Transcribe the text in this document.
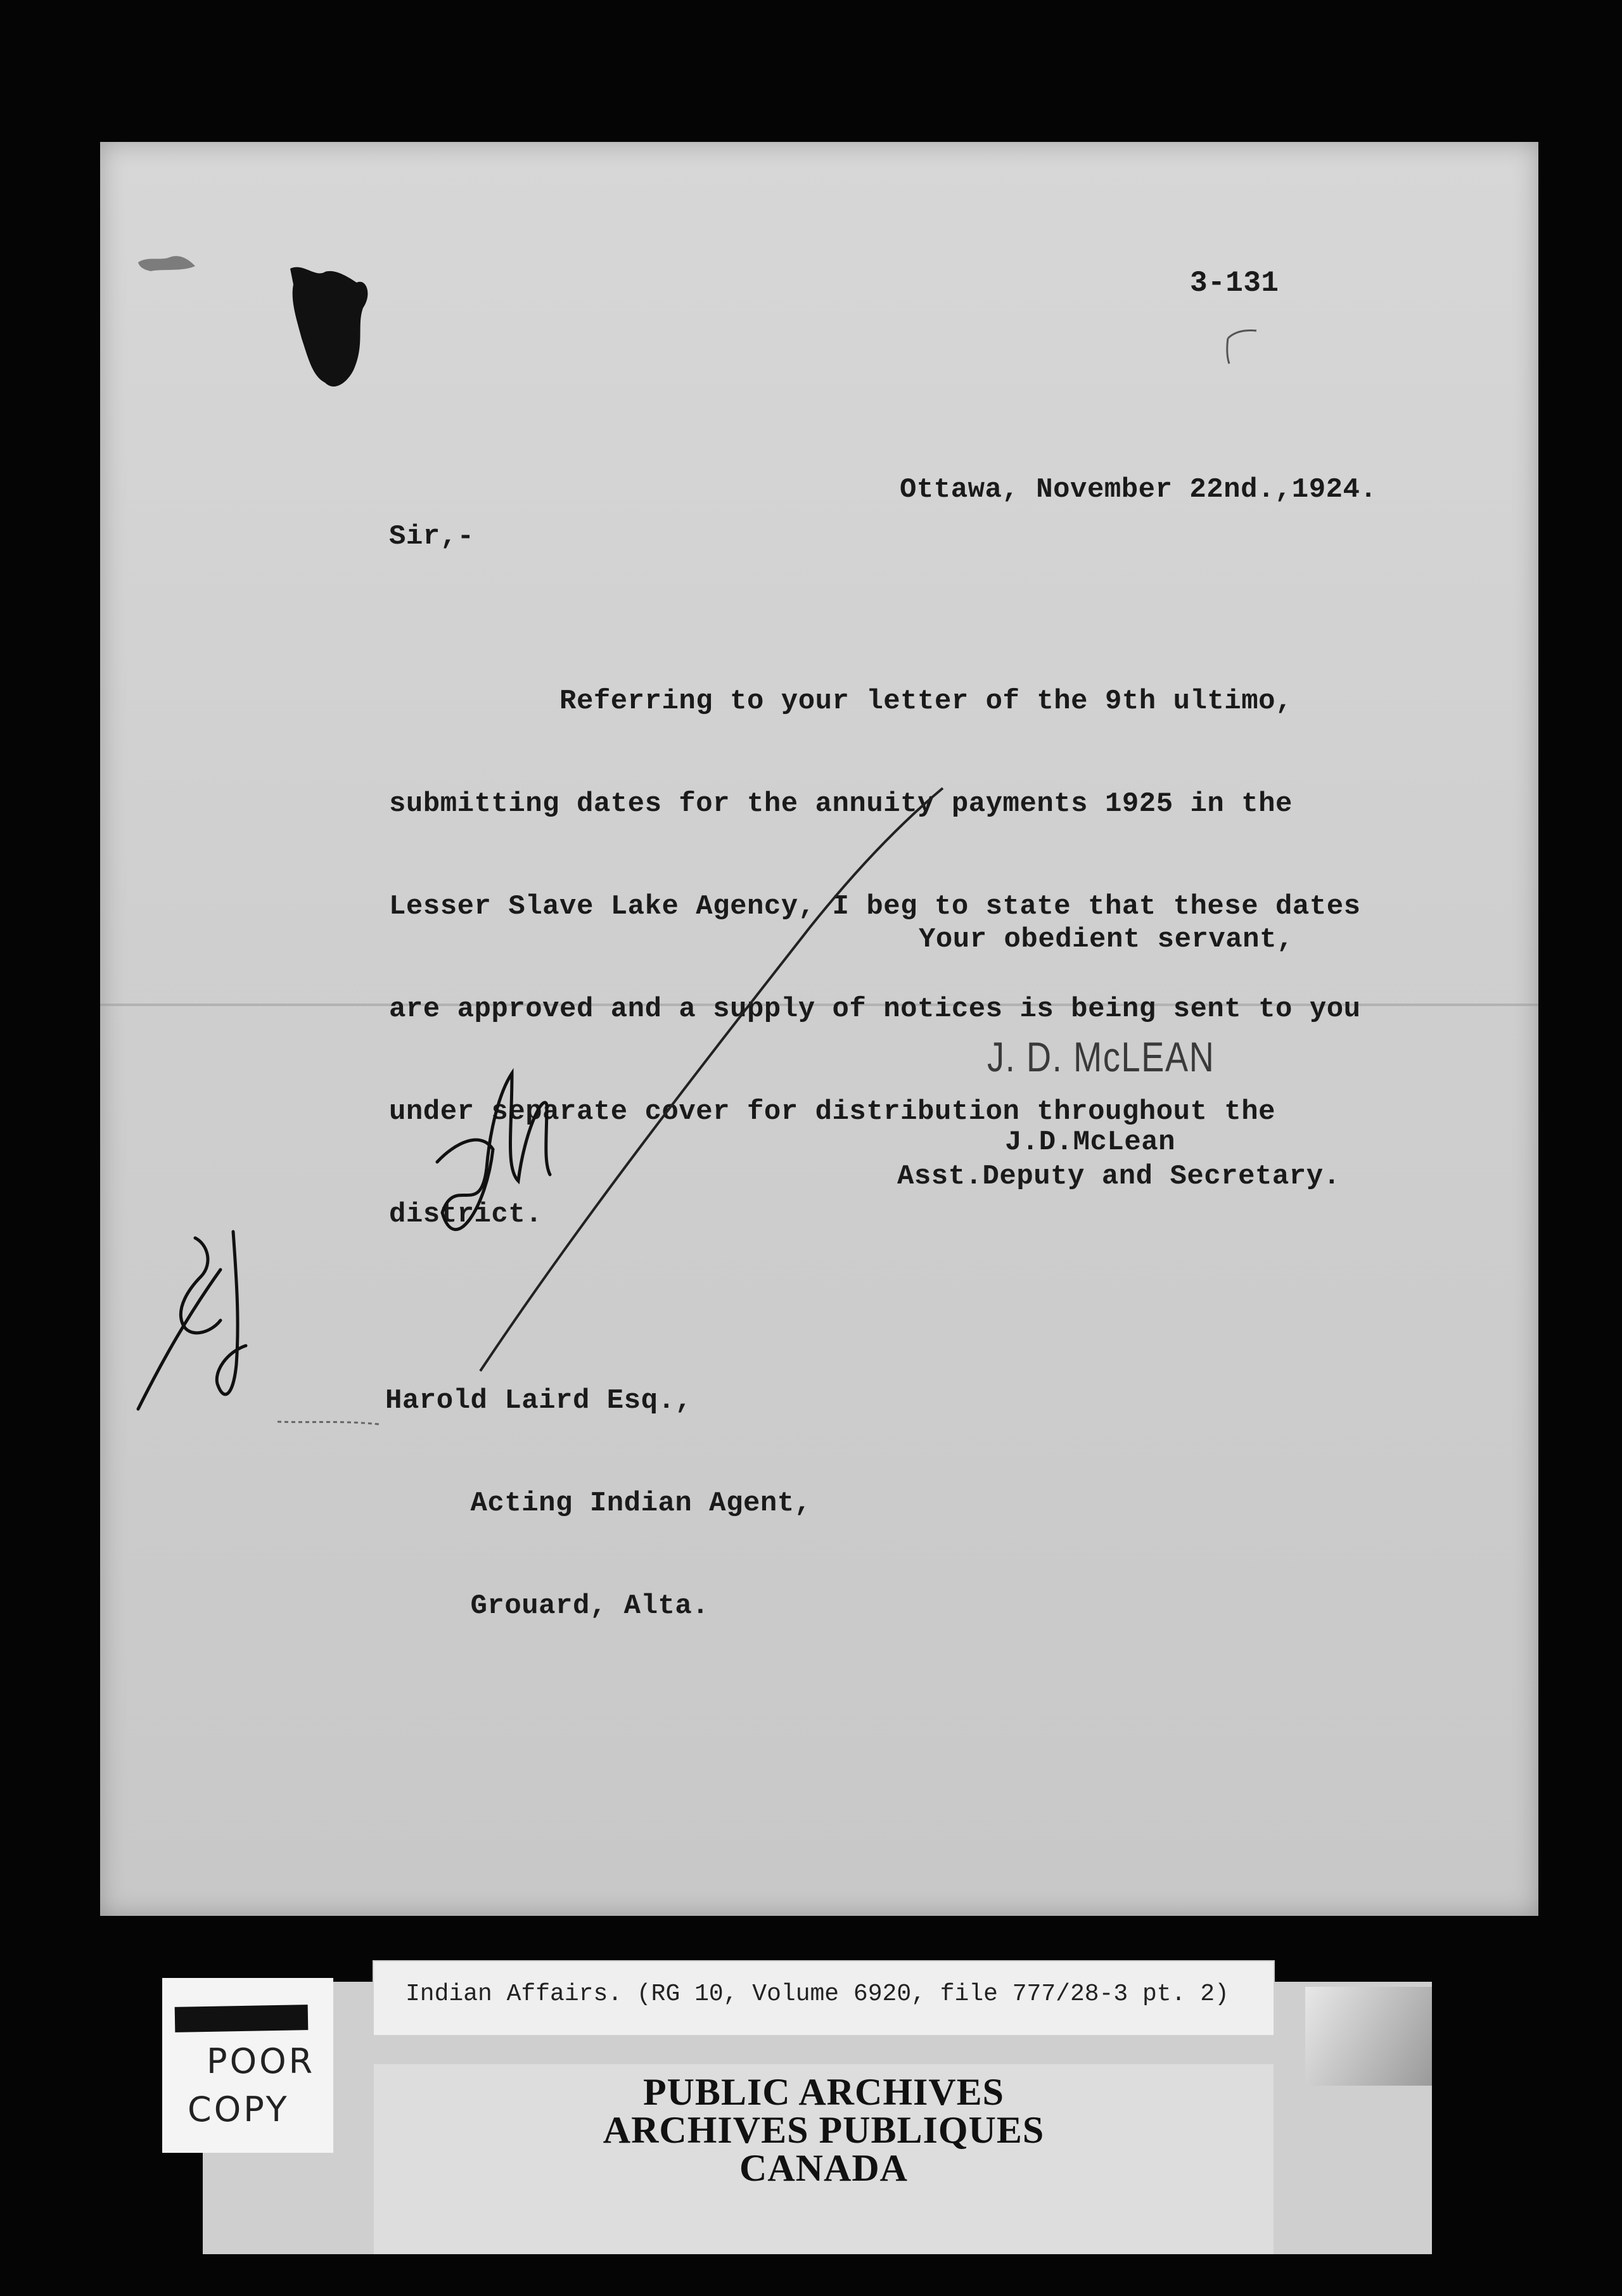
3-131
Ottawa, November 22nd.,1924.
Sir,-

Referring to your letter of the 9th ultimo,

submitting dates for the annuity payments 1925 in the

Lesser Slave Lake Agency, I beg to state that these dates

are approved and a supply of notices is being sent to you

under separate cover for distribution throughout the

district.

Your obedient servant,
J. D. McLEAN
J.D.McLean
Asst.Deputy and Secretary.

Harold Laird Esq.,

Acting Indian Agent,

Grouard, Alta.

PUBLIC ARCHIVES
ARCHIVES PUBLIQUES
CANADA
Indian Affairs. (RG 10, Volume 6920, file 777/28-3 pt. 2)
POOR
COPY
